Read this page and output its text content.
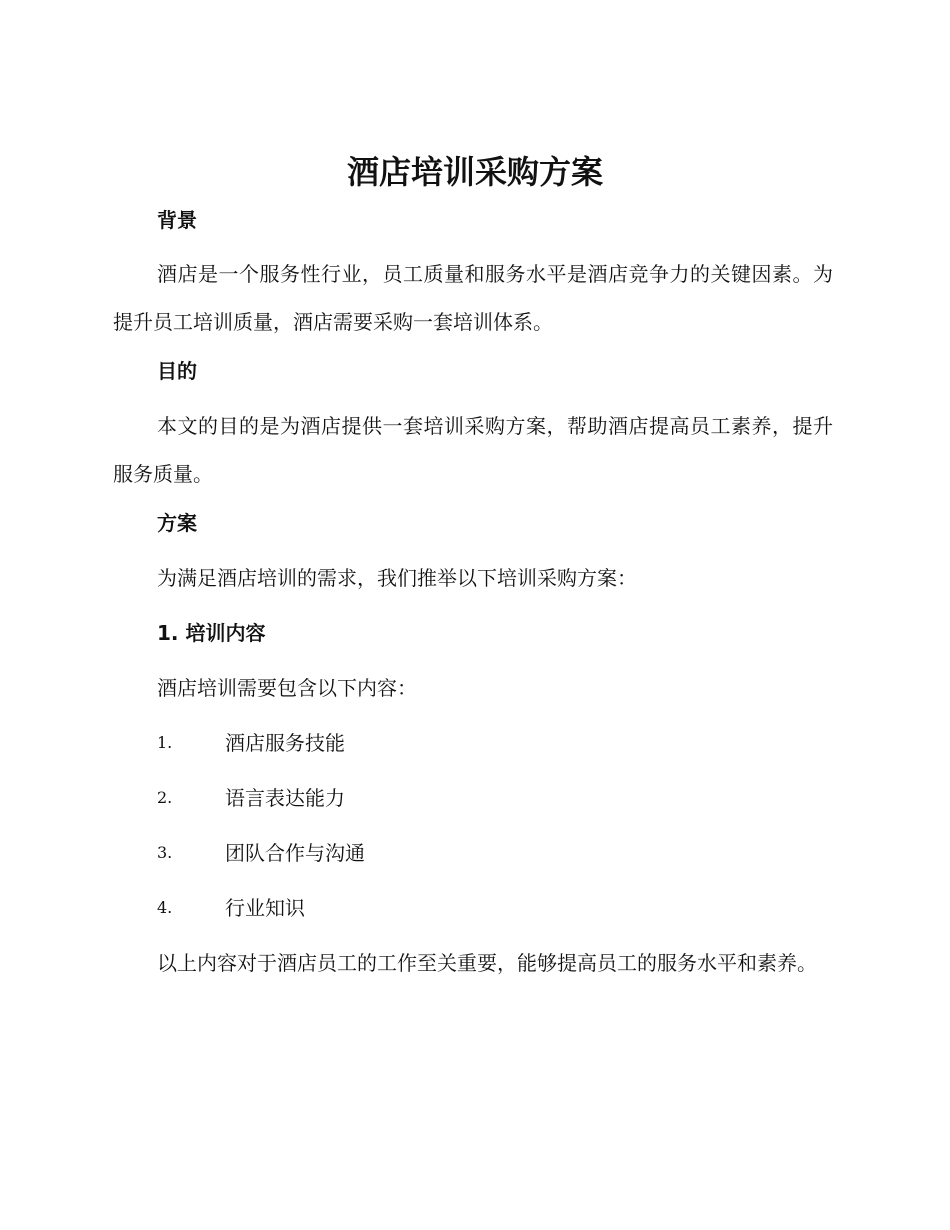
酒店培训采购方案
背景

酒店是一个服务性行业，员工质量和服务水平是酒店竞争力的关键因素。为提升员工培训质量，酒店需要采购一套培训体系。

目的

本文的目的是为酒店提供一套培训采购方案，帮助酒店提高员工素养，提升服务质量。

方案

为满足酒店培训的需求，我们推举以下培训采购方案：

1. 培训内容

酒店培训需要包含以下内容：

1.	酒店服务技能
2.	语言表达能力
3.	团队合作与沟通
4.	行业知识

以上内容对于酒店员工的工作至关重要，能够提高员工的服务水平和素养。
